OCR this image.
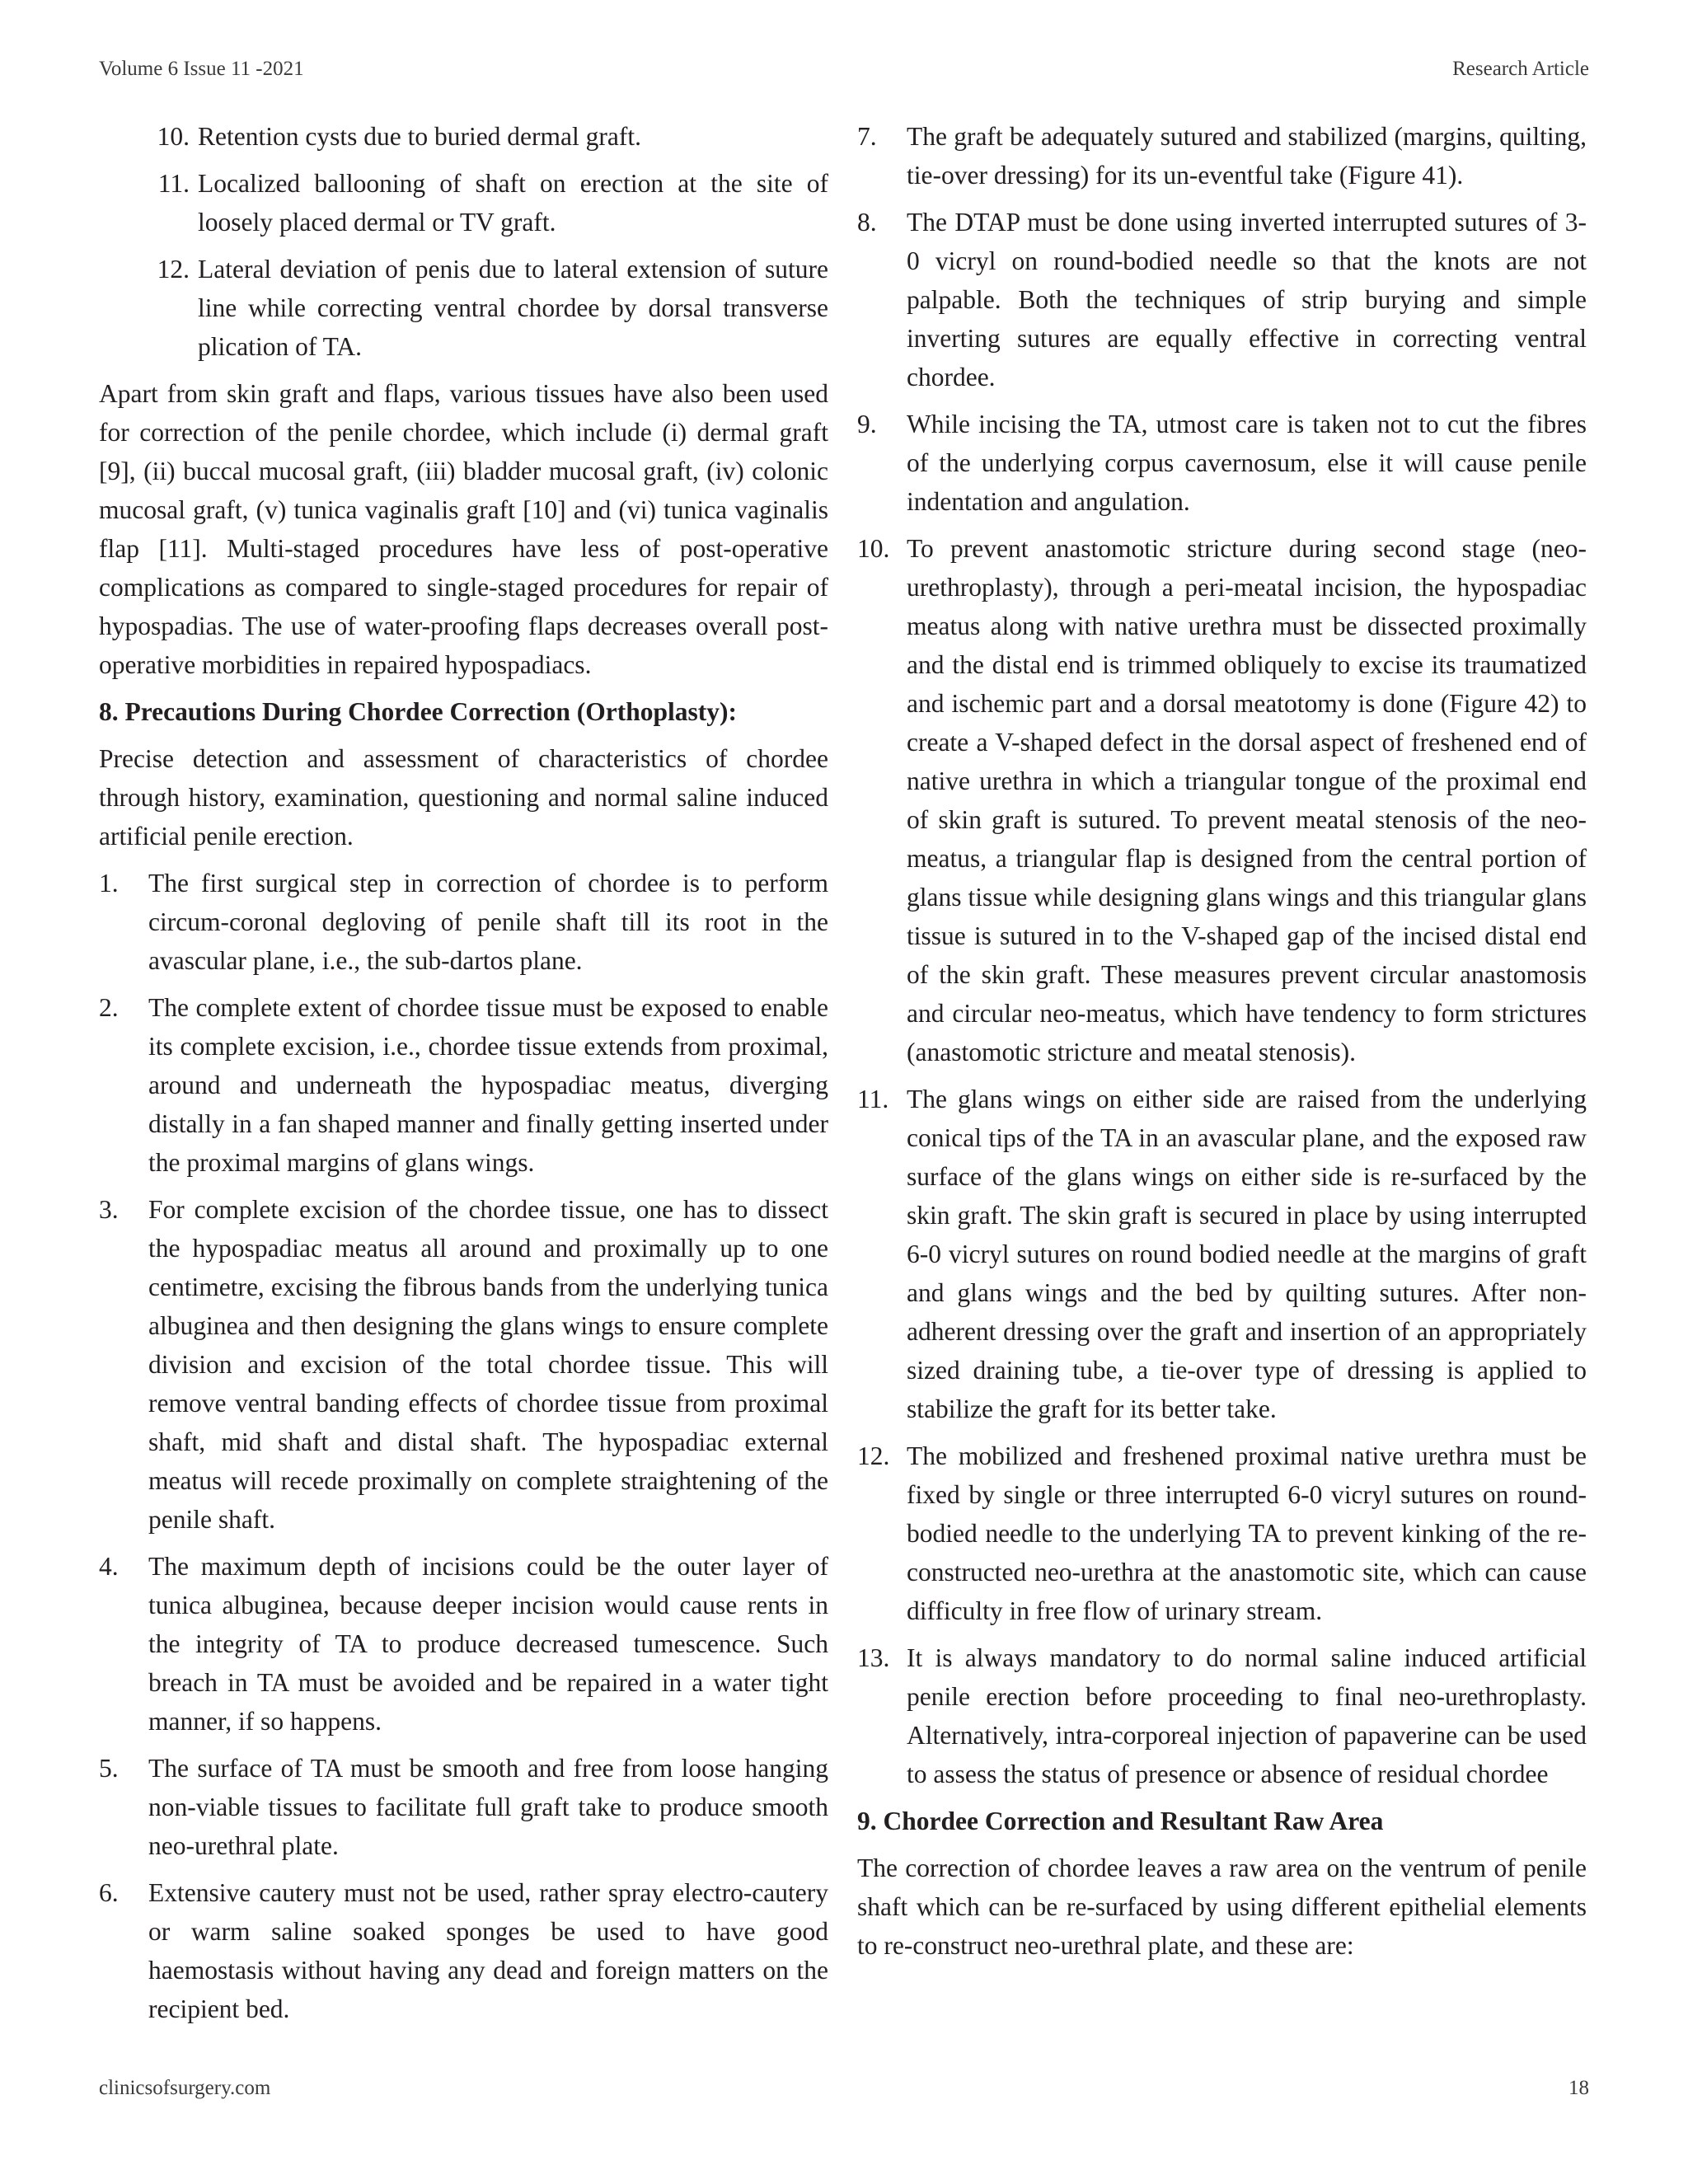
Volume 6 Issue 11 -2021	Research Article
10. Retention cysts due to buried dermal graft.
11. Localized ballooning of shaft on erection at the site of loosely placed dermal or TV graft.
12. Lateral deviation of penis due to lateral extension of suture line while correcting ventral chordee by dorsal transverse plication of TA.

Apart from skin graft and flaps, various tissues have also been used for correction of the penile chordee, which include (i) dermal graft [9], (ii) buccal mucosal graft, (iii) bladder mucosal graft, (iv) colonic mucosal graft, (v) tunica vaginalis graft [10] and (vi) tunica vaginalis flap [11]. Multi-staged procedures have less of post-operative complications as compared to single-staged procedures for repair of hypospadias. The use of water-proofing flaps decreases overall post-operative morbidities in repaired hypospadiacs.

8. Precautions During Chordee Correction (Orthoplasty):

Precise detection and assessment of characteristics of chordee through history, examination, questioning and normal saline induced artificial penile erection.

1.	The first surgical step in correction of chordee is to perform circum-coronal degloving of penile shaft till its root in the avascular plane, i.e., the sub-dartos plane.
2.	The complete extent of chordee tissue must be exposed to enable its complete excision, i.e., chordee tissue extends from proximal, around and underneath the hypospadiac meatus, diverging distally in a fan shaped manner and finally getting inserted under the proximal margins of glans wings.
3.	For complete excision of the chordee tissue, one has to dissect the hypospadiac meatus all around and proximally up to one centimetre, excising the fibrous bands from the underlying tunica albuginea and then designing the glans wings to ensure complete division and excision of the total chordee tissue. This will remove ventral banding effects of chordee tissue from proximal shaft, mid shaft and distal shaft. The hypospadiac external meatus will recede proximally on complete straightening of the penile shaft.
4.	The maximum depth of incisions could be the outer layer of tunica albuginea, because deeper incision would cause rents in the integrity of TA to produce decreased tumescence. Such breach in TA must be avoided and be repaired in a water tight manner, if so happens.
5.	The surface of TA must be smooth and free from loose hanging non-viable tissues to facilitate full graft take to produce smooth neo-urethral plate.
6.	Extensive cautery must not be used, rather spray electro-cautery or warm saline soaked sponges be used to have good haemostasis without having any dead and foreign matters on the recipient bed.
7.	The graft be adequately sutured and stabilized (margins, quilting, tie-over dressing) for its un-eventful take (Figure 41).
8.	The DTAP must be done using inverted interrupted sutures of 3-0 vicryl on round-bodied needle so that the knots are not palpable. Both the techniques of strip burying and simple inverting sutures are equally effective in correcting ventral chordee.
9.	While incising the TA, utmost care is taken not to cut the fibres of the underlying corpus cavernosum, else it will cause penile indentation and angulation.
10. To prevent anastomotic stricture during second stage (neo-urethroplasty), through a peri-meatal incision, the hypospadiac meatus along with native urethra must be dissected proximally and the distal end is trimmed obliquely to excise its traumatized and ischemic part and a dorsal meatotomy is done (Figure 42) to create a V-shaped defect in the dorsal aspect of freshened end of native urethra in which a triangular tongue of the proximal end of skin graft is sutured. To prevent meatal stenosis of the neo-meatus, a triangular flap is designed from the central portion of glans tissue while designing glans wings and this triangular glans tissue is sutured in to the V-shaped gap of the incised distal end of the skin graft. These measures prevent circular anastomosis and circular neo-meatus, which have tendency to form strictures (anastomotic stricture and meatal stenosis).
11. The glans wings on either side are raised from the underlying conical tips of the TA in an avascular plane, and the exposed raw surface of the glans wings on either side is re-surfaced by the skin graft. The skin graft is secured in place by using interrupted 6-0 vicryl sutures on round bodied needle at the margins of graft and glans wings and the bed by quilting sutures. After non-adherent dressing over the graft and insertion of an appropriately sized draining tube, a tie-over type of dressing is applied to stabilize the graft for its better take.
12. The mobilized and freshened proximal native urethra must be fixed by single or three interrupted 6-0 vicryl sutures on round-bodied needle to the underlying TA to prevent kinking of the re-constructed neo-urethra at the anastomotic site, which can cause difficulty in free flow of urinary stream.
13. It is always mandatory to do normal saline induced artificial penile erection before proceeding to final neo-urethroplasty. Alternatively, intra-corporeal injection of papaverine can be used to assess the status of presence or absence of residual chordee
9. Chordee Correction and Resultant Raw Area

The correction of chordee leaves a raw area on the ventrum of penile shaft which can be re-surfaced by using different epithelial elements to re-construct neo-urethral plate, and these are:

clinicsofsurgery.com	18
